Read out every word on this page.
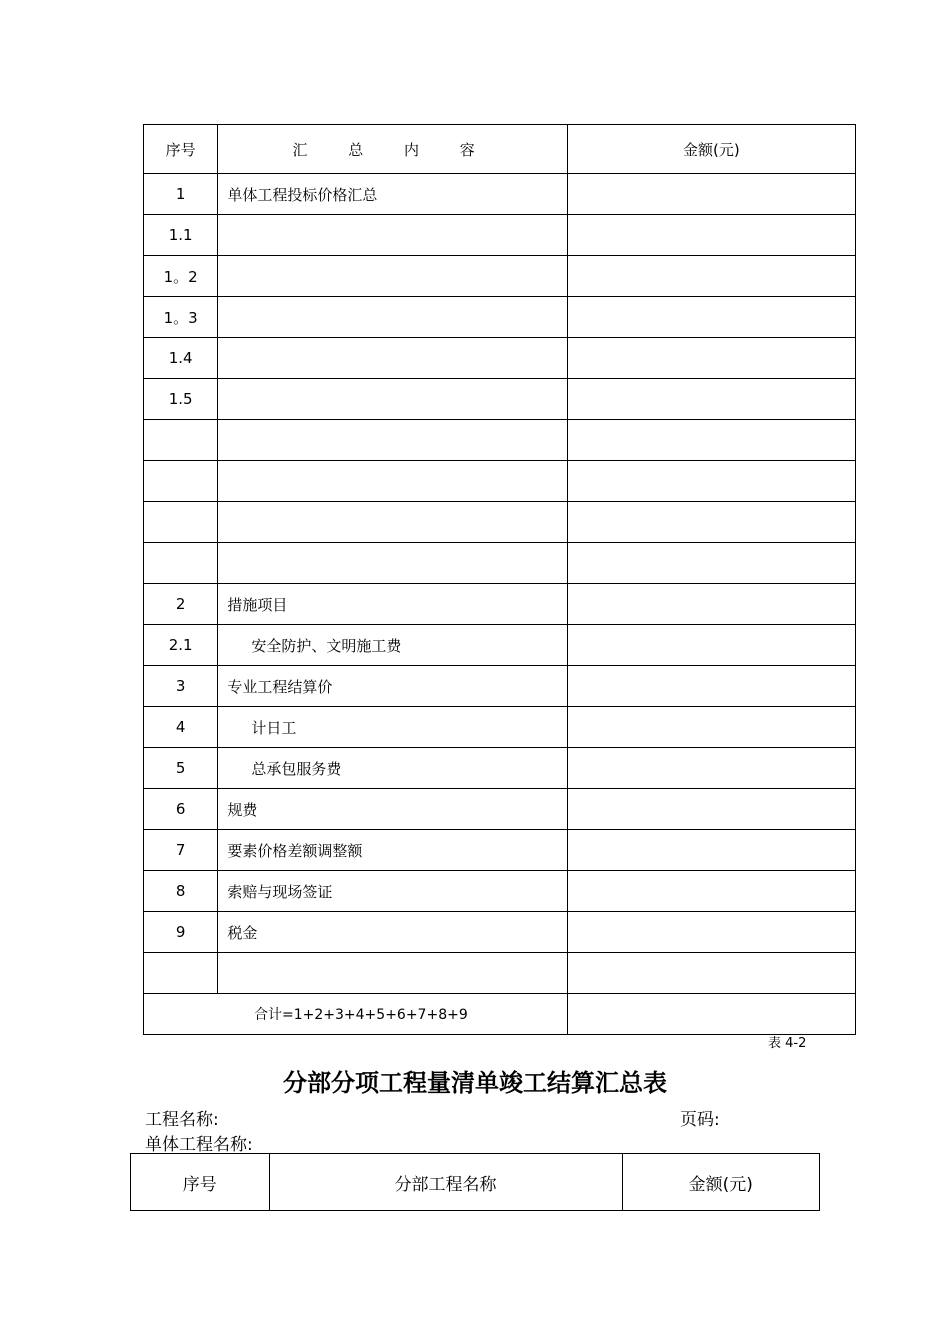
序号	汇 总 内 容	金额(元)
1	单体工程投标价格汇总	
1.1		
1。2		
1。3		
1.4		
1.5		

2	措施项目	
2.1	安全防护、文明施工费	
3	专业工程结算价	
4	计日工	
5	总承包服务费	
6	规费	
7	要素价格差额调整额	
8	索赔与现场签证	
9	税金	

合计=1+2+3+4+5+6+7+8+9		
表 4-2
分部分项工程量清单竣工结算汇总表
工程名称:	页码:
单体工程名称:
序号	分部工程名称	金额(元)
